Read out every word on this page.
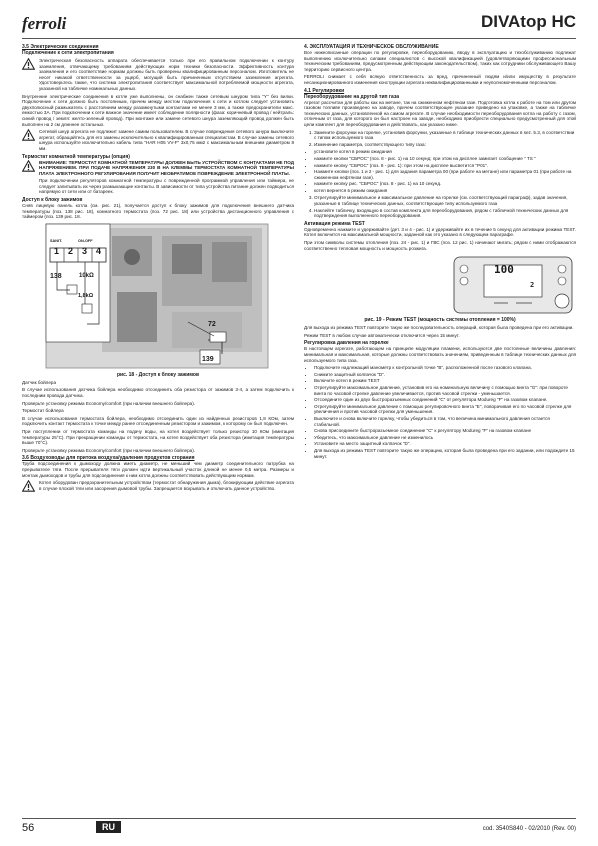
ferroli	DIVAtop HC
3.5 Электрические соединения
Подключение к сети электропитания

Электрическая безопасность аппарата обеспечивается только при его правильном подключении к контуру заземления, отвечающему требованиям действующих норм техники безопасности. Эффективность контура заземления и его соответствие нормам должны быть проверены квалифицированным персоналом. Изготовитель не несет никакой ответственности за ущерб, могущий быть причиненным отсутствием заземления агрегата. Удостоверьтесь также, что система электропитания соответствует максимальной потребляемой мощности агрегата, указанной на табличке номинальных данных.

Внутренние электрические соединения в котле уже выполнены, он снабжен также сетевым шнуром типа "Y" без вилки. Подключение к сети должно быть постоянным, причем между местом подключения к сети и котлом следует установить двухполюсный размыкатель с расстоянием между разомкнутыми контактами не менее 3 мм, а также предохранители макс. емкостью 3А. При подключении к сети важное значение имеет соблюдение полярности (фаза: коричневый провод / нейтраль: синий провод / земля: желто-зеленый провод). При монтаже или замене сетевого шнура заземляющий провод должен быть выполнен на 2 см длиннее остальных.

Сетевой шнур агрегата не подлежит замене самим пользователем. В случае повреждения сетевого шнура выключите агрегат, обращайтесь для его замены исключительно к квалифицированным специалистам. В случае замены сетевого шнура используйте исключительно кабель типа "HAR H05 VV-F" 3x0,75 мм2 с максимальным внешним диаметром 8 мм.

Термостат комнатной температуры (опция)

ВНИМАНИЕ: ТЕРМОСТАТ КОМНАТНОЙ ТЕМПЕРАТУРЫ ДОЛЖЕН БЫТЬ УСТРОЙСТВОМ С КОНТАКТАМИ НЕ ПОД НАПРЯЖЕНИЕМ. ПРИ ПОДАЧЕ НАПРЯЖЕНИЯ 230 В НА КЛЕММЫ ТЕРМОСТАТА КОМНАТНОЙ ТЕМПЕРАТУРЫ ПЛАТА ЭЛЕКТРОННОГО РЕГУЛИРОВАНИЯ ПОЛУЧИТ НЕОБРАТИМОЕ ПОВРЕЖДЕНИЕ ЭЛЕКТРОННОЙ ПЛАТЫ.

При подключении регуляторов комнатной температуры с поврежденной программой управления или таймера, не следует запитывать их через размыкающие контакты. В зависимости от типа устройства питание должен подводиться напрямую от сети или от батареек.

Доступ к блоку зажимов

Сняв лицевую панель котла (см. рис. 21), получается доступ к блоку зажимов для подключения внешнего датчика температуры (поз. 138 рис. 18), комнатного термостата (поз. 72 рис. 18) или устройства дистанционного управления с таймером (поз. 139 рис. 18.

SANIT.	ON-OFF
1 2 3 4
138	10kΩ
1,8kΩ
72
139
рис. 18 - Доступ к блоку зажимов

Датчик бойлера

В случае использования датчика бойлера необходимо отсоединить оба резистора от зажимов 3-4, а затем подключить к последним провода датчика.

Проверьте установку режима Economy/comfort (при наличии внешнего бойлера).

Термостат бойлера

В случае использования термостата бойлера, необходимо отсоединить один из найденных резисторов 1,8 КОм, затем подключить контакт термостата к точке между ранее отсоединенным резистором и зажимом, к которому он был подключен.

При поступлении от термостата команды на подачу воды, на котел воздействует только резистор 10 КОм (имитация температуры 25°C). При прекращении команды от термостата, на котел воздействует оба резистора (имитация температуры выше 70°C).

Проверьте установку режима Economy/comfort (при наличии внешнего бойлера).

3.6 Воздуховоды для притока воздуха/удаления продуктов сгорания

Труба подсоединения к дымоходу должна иметь диаметр, не меньший чем диаметр соединительного патрубка на прерывателе тяги. После прерывателя тяги должен идти вертикальный участок длиной не менее 0,5 метра. Размеры и монтаж дымоходов и трубы для подсоединения к ним котла должны соответствовать действующим нормам.

Котел оборудован предохранительным устройством (термостат обнаружения дыма), блокирующим действие агрегата в случае плохой тяги или засорения дымовой трубы. Запрещается вскрывать и отключать данное устройство.

4. ЭКСПЛУАТАЦИЯ И ТЕХНИЧЕСКОЕ ОБСЛУЖИВАНИЕ

Все нижеописанные операции по регулировке, переоборудованию, вводу в эксплуатацию и техобслуживанию подлежат выполнению исключительно силами специалистов с высокой квалификацией (удовлетворяющими профессиональным техническим требованиям, предусмотренным действующим законодательством), таких как сотрудники обслуживающего Вашу территорию сервисного центра.

FERROLI снимает с себя всякую ответственность за вред, причиненный людям и/или имуществу в результате несанкционированного изменения конструкции агрегата неквалифицированными и неуполномоченными персоналом.

4.1 Регулировки
Переоборудование на другой тип газа

Агрегат рассчитан для работы как на метане, так на сжиженном нефтяном газе. Подготовка котла к работе на том или другом газовом топливе произведено на заводе, причем соответствующее указание приведено на упаковке, а также на табличке технических данных, установленной на самом агрегате. В случае необходимости переоборудования котла на работу с газом, отличным от газа, для которого он был настроен на заводе, необходимо приобрести специально предусмотренный для этой цели комплект для переоборудования и действовать, как указано ниже.

1. Замените форсунки на горелке, установив форсунки, указанные в таблице технических данных в sez. 5.3, в соответствии с типом используемого газа
2. Изменение параметра, соответствующего типу газа:
• установите котел в режим ожидания
• нажмите кнопки "СБРОС" (поз. 8 - рис. 1) на 10 секунд: при этом на дисплее замигает сообщение " TS "
• нажмите кнопку "СБРОС" (поз. 8 - рис. 1): при этом на дисплее высветится "P01".
• Нажмите кнопки (поз. 1 и 2 - рис. 1) для задания параметра 00 (при работе на метане) или параметра 01 (при работе на сжиженном нефтяном газе).
• нажмите кнопку рис. "СБРОС" (поз. 8 - рис. 1) на 10 секунд.
• котел вернется в режим ожидания
3. Отрегулируйте минимальное и максимальное давление на горелке (см. соответствующий параграф), задав значения, указанные в таблице технических данных, соответствующие типу используемого газа
4. Наклейте табличку, входящую в состав комплекта для переоборудования, рядом с табличкой технических данных для подтверждения выполненного переоборудования.
Активация режима TEST

Одновременно нажмите и удерживайте (дет. 3 и 4 - рис. 1) и удерживайте их в течение 5 секунд для активации режима TEST. Котел включится на максимальной мощности, заданной как это указано в следующем параграфе.

При этом символы системы отопления (поз. 24 - рис. 1) и ГВС (поз. 12 рис. 1) начинают мигать; рядом с ними отображаются соответственно тепловая мощность и мощность розжига.

100
2
рис. 19 - Режим TEST (мощность системы отопления = 100%)

Для выхода из режима TEST повторите такую же последовательность операций, которая была проведена при его активации.

Режим TEST в любом случае автоматически отключится через 15 минут.

Регулировка давления на горелке

В настоящем агрегате, работающем на принципе модуляции пламени, используются две постоянные величины давления: минимальная и максимальная, которые должны соответствовать значениям, приведенным в таблице технических данных для используемого типа газа.

• Подключите надлежащий манометр к контрольной точке "B", расположенной после газового клапана.
• Снимите защитный колпачок "D".
• Включите котел в режим TEST
• Отрегулируйте максимальное давление, установив его на номинальную величину с помощью винта "G": при повороте винта по часовой стрелке давление увеличивается, против часовой стрелки - уменьшается.
• Отсоедините один из двух быстроразъемных соединений "C" от регулятора Modureg "F" на газовом клапане.
• Отрегулируйте минимальное давление с помощью регулировочного винта "E", поворачивая его по часовой стрелке для увеличения и против часовой стрелки для уменьшения.
• Выключите и снова включите горелку, чтобы убедиться в том, что величина минимального давления остается стабильной.
• Снова присоедините быстроразъемное соединение "C" к регулятору Modureg "F" на газовом клапане
• Убедитесь, что максимальное давление не изменилось
• Установите на место защитный колпачок "D".
• Для выхода из режима TEST повторите такую же операцию, которая была проведена при его задании, или подождите 15 минут.
56	RU	cod. 3540S840 - 02/2010 (Rev. 00)
